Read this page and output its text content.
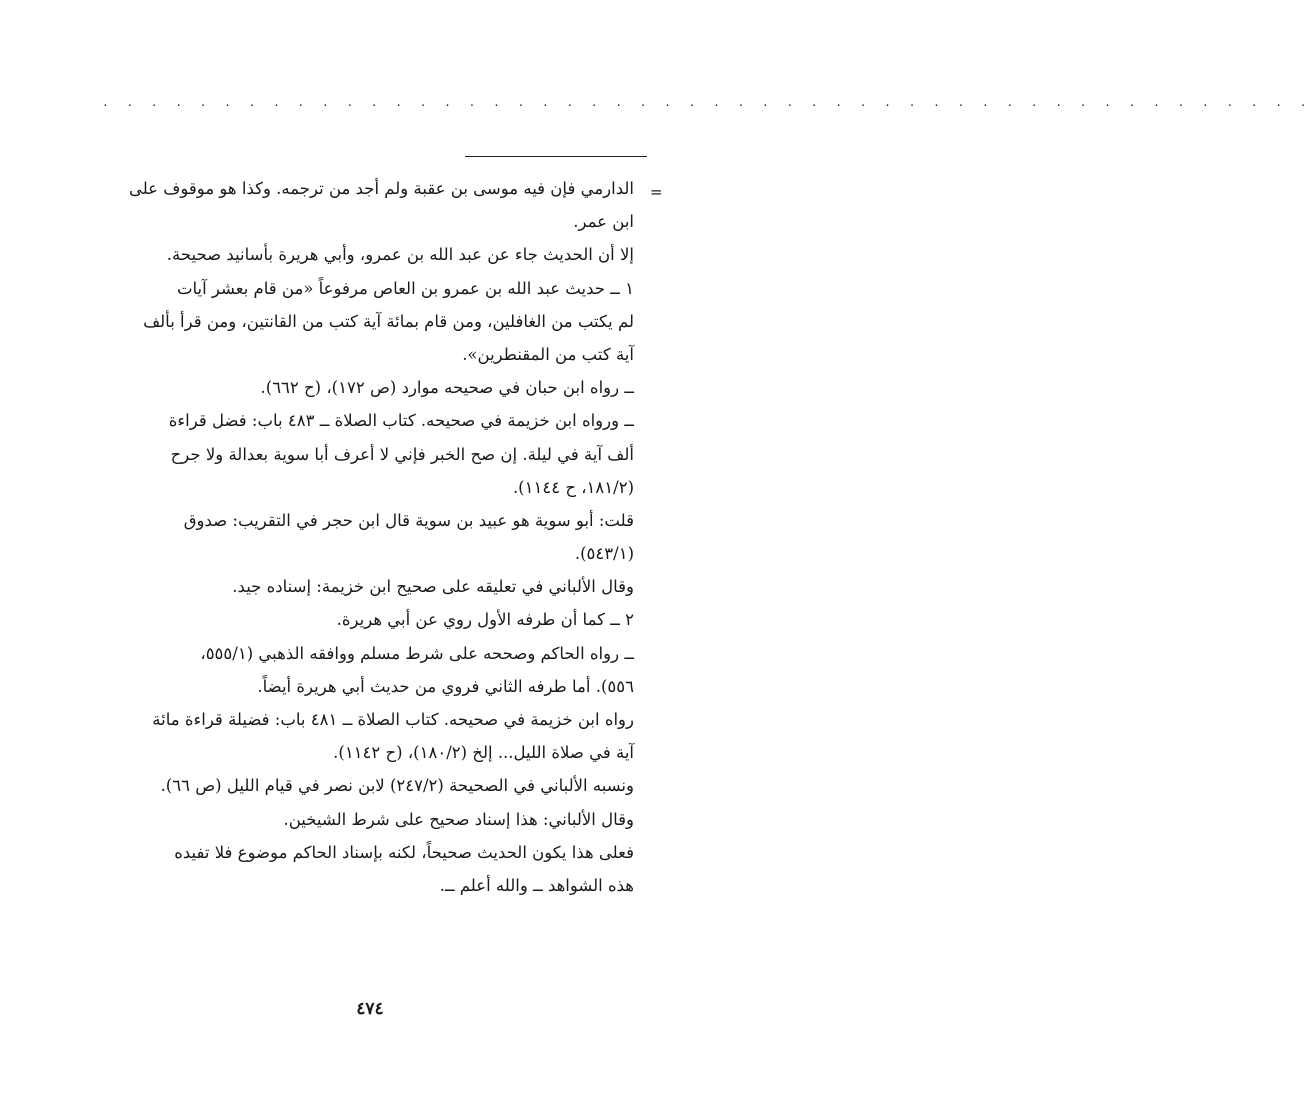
. . . . . . . . . . . . . . . . . . . . . . . . . . . . . . . . . . . . . . . . . . . . . . . . . .
=
الدارمي فإن فيه موسى بن عقبة ولم أجد من ترجمه. وكذا هو موقوف على
ابن عمر.
إلا أن الحديث جاء عن عبد الله بن عمرو، وأبي هريرة بأسانيد صحيحة.
١ ــ حديث عبد الله بن عمرو بن العاص مرفوعاً «من قام بعشر آيات
لم يكتب من الغافلين، ومن قام بمائة آية كتب من القانتين، ومن قرأ بألف
آية كتب من المقنطرين».
ــ رواه ابن حبان في صحيحه موارد (ص ١٧٢)، (ح ٦٦٢).
ــ ورواه ابن خزيمة في صحيحه. كتاب الصلاة ــ ٤٨٣ باب: فضل قراءة
ألف آية في ليلة. إن صح الخبر فإني لا أعرف أبا سوية بعدالة ولا جرح
(١٨١/٢، ح ١١٤٤).
قلت: أبو سوية هو عبيد بن سوية قال ابن حجر في التقريب: صدوق
(٥٤٣/١).
وقال الألباني في تعليقه على صحيح ابن خزيمة: إسناده جيد.
٢ ــ كما أن طرفه الأول روي عن أبي هريرة.
ــ رواه الحاكم وصححه على شرط مسلم ووافقه الذهبي (٥٥٥/١،
٥٥٦). أما طرفه الثاني فروي من حديث أبي هريرة أيضاً.
رواه ابن خزيمة في صحيحه. كتاب الصلاة ــ ٤٨١ باب: فضيلة قراءة مائة
آية في صلاة الليل... إلخ (١٨٠/٢)، (ح ١١٤٢).
ونسبه الألباني في الصحيحة (٢٤٧/٢) لابن نصر في قيام الليل (ص ٦٦).
وقال الألباني: هذا إسناد صحيح على شرط الشيخين.
فعلى هذا يكون الحديث صحيحاً، لكنه بإسناد الحاكم موضوع فلا تفيده
هذه الشواهد ــ والله أعلم ــ.
٤٧٤
